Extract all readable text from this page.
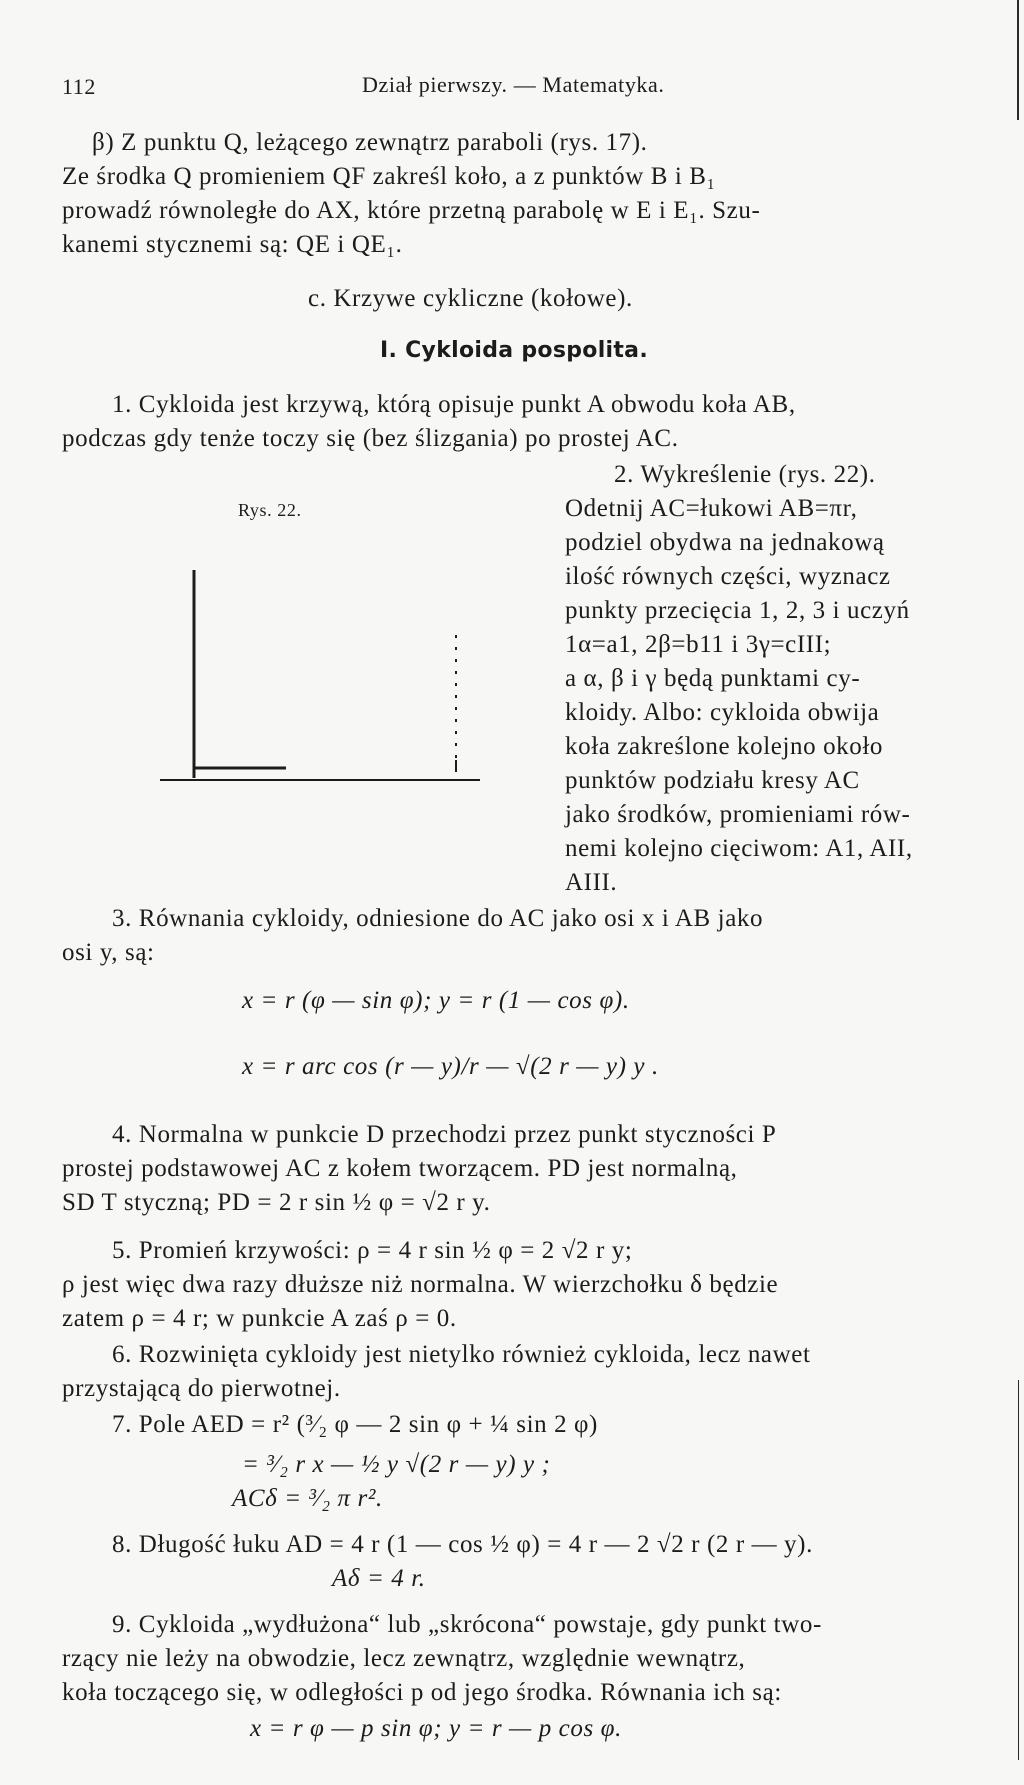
112	Dział pierwszy. — Matematyka.
β) Z punktu Q, leżącego zewnątrz paraboli (rys. 17).
Ze środka Q promieniem QF zakreśl koło, a z punktów B i B₁
prowadź równoległe do AX, które przetną parabolę w E i E₁. Szu-
kanemi stycznemi są: QE i QE₁.
c. Krzywe cykliczne (kołowe).
I. Cykloida pospolita.
1. Cykloida jest krzywą, którą opisuje punkt A obwodu koła AB,
podczas gdy tenże toczy się (bez ślizgania) po prostej AC.
2. Wykreślenie (rys. 22).
Rys. 22.	Odetnij AC=łukowi AB=πr,
podziel obydwa na jednakową
ilość równych części, wyznacz
punkty przecięcia 1, 2, 3 i uczyń
1α=a1, 2β=b11 i 3γ=cIII;
a α, β i γ będą punktami cy-
kloidy. Albo: cykloida obwija
koła zakreślone kolejno około
punktów podziału kresy AC
jako środków, promieniami rów-
nemi kolejno cięciwom: A1, AII,
AIII.
3. Równania cykloidy, odniesione do AC jako osi x i AB jako
osi y, są:
x = r (φ — sin φ); y = r (1 — cos φ).
x = r arc cos (r — y)/r — √(2 r — y) y .
4. Normalna w punkcie D przechodzi przez punkt styczności P
prostej podstawowej AC z kołem tworzącem. PD jest normalną,
SD T styczną; PD = 2 r sin ½ φ = √2 r y.
5. Promień krzywości: ρ = 4 r sin ½ φ = 2 √2 r y;
ρ jest więc dwa razy dłuższe niż normalna. W wierzchołku δ będzie
zatem ρ = 4 r; w punkcie A zaś ρ = 0.
6. Rozwinięta cykloidy jest nietylko również cykloida, lecz nawet
przystającą do pierwotnej.
7. Pole AED = r² (³⁄₂ φ — 2 sin φ + ¼ sin 2 φ)
= ³⁄₂ r x — ½ y √(2 r — y) y ;
ACδ = ³⁄₂ π r².
8. Długość łuku AD = 4 r (1 — cos ½ φ) = 4 r — 2 √2 r (2 r — y).
Aδ = 4 r.
9. Cykloida „wydłużona“ lub „skrócona“ powstaje, gdy punkt two-
rzący nie leży na obwodzie, lecz zewnątrz, względnie wewnątrz,
koła toczącego się, w odległości p od jego środka. Równania ich są:
x = r φ — p sin φ; y = r — p cos φ.
